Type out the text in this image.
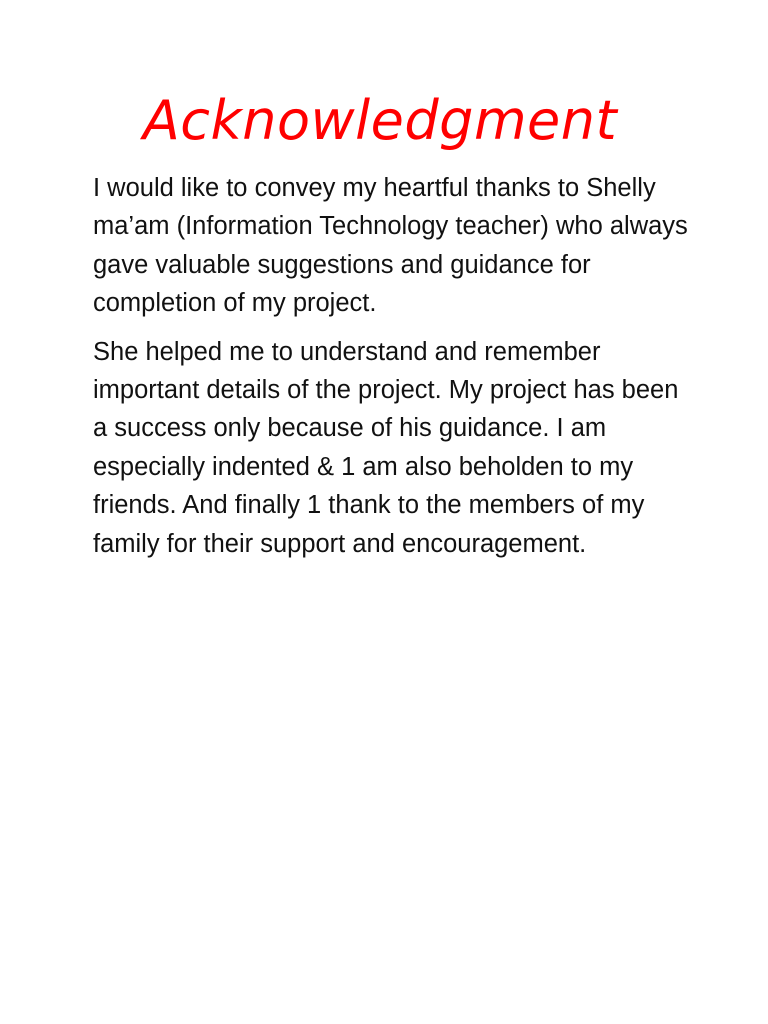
Acknowledgment

I would like to convey my heartful thanks to Shelly ma’am (Information Technology teacher) who always gave valuable suggestions and guidance for completion of my project.

She helped me to understand and remember important details of the project. My project has been a success only because of his guidance. I am especially indented & 1 am also beholden to my friends. And finally 1 thank to the members of my family for their support and encouragement.
